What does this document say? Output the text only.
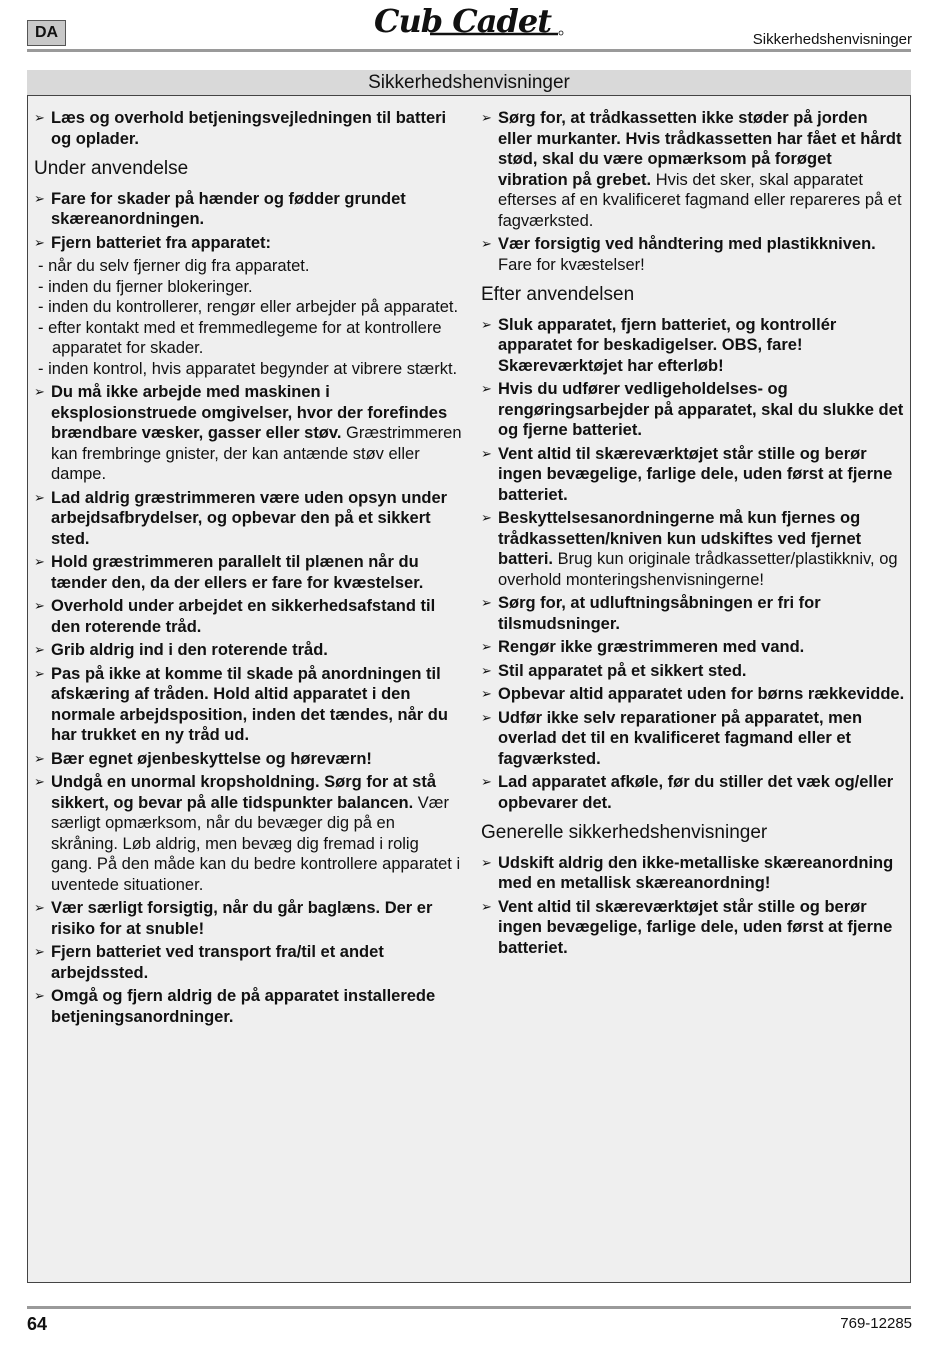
DA	Cub Cadet	Sikkerhedshenvisninger
Sikkerhedshenvisninger
➢ Læs og overhold betjeningsvejledningen til batteri og oplader.
Under anvendelse
➢ Fare for skader på hænder og fødder grundet skæreanordningen.
➢ Fjern batteriet fra apparatet:
- når du selv fjerner dig fra apparatet.
- inden du fjerner blokeringer.
- inden du kontrollerer, rengør eller arbejder på apparatet.
- efter kontakt med et fremmedlegeme for at kontrollere apparatet for skader.
- inden kontrol, hvis apparatet begynder at vibrere stærkt.
➢ Du må ikke arbejde med maskinen i eksplosionstruede omgivelser, hvor der forefindes brændbare væsker, gasser eller støv. Græstrimmeren kan frembringe gnister, der kan antænde støv eller dampe.
➢ Lad aldrig græstrimmeren være uden opsyn under arbejdsafbrydelser, og opbevar den på et sikkert sted.
➢ Hold græstrimmeren parallelt til plænen når du tænder den, da der ellers er fare for kvæstelser.
➢ Overhold under arbejdet en sikkerhedsafstand til den roterende tråd.
➢ Grib aldrig ind i den roterende tråd.
➢ Pas på ikke at komme til skade på anordningen til afskæring af tråden. Hold altid apparatet i den normale arbejdsposition, inden det tændes, når du har trukket en ny tråd ud.
➢ Bær egnet øjenbeskyttelse og høreværn!
➢ Undgå en unormal kropsholdning. Sørg for at stå sikkert, og bevar på alle tidspunkter balancen. Vær særligt opmærksom, når du bevæger dig på en skråning. Løb aldrig, men bevæg dig fremad i rolig gang. På den måde kan du bedre kontrollere apparatet i uventede situationer.
➢ Vær særligt forsigtig, når du går baglæns. Der er risiko for at snuble!
➢ Fjern batteriet ved transport fra/til et andet arbejdssted.
➢ Omgå og fjern aldrig de på apparatet installerede betjeningsanordninger.
➢ Sørg for, at trådkassetten ikke støder på jorden eller murkanter. Hvis trådkassetten har fået et hårdt stød, skal du være opmærksom på forøget vibration på grebet. Hvis det sker, skal apparatet efterses af en kvalificeret fagmand eller repareres på et fagværksted.
➢ Vær forsigtig ved håndtering med plastikkniven. Fare for kvæstelser!
Efter anvendelsen
➢ Sluk apparatet, fjern batteriet, og kontrollér apparatet for beskadigelser. OBS, fare! Skæreværktøjet har efterløb!
➢ Hvis du udfører vedligeholdelses- og rengøringsarbejder på apparatet, skal du slukke det og fjerne batteriet.
➢ Vent altid til skæreværktøjet står stille og berør ingen bevægelige, farlige dele, uden først at fjerne batteriet.
➢ Beskyttelsesanordningerne må kun fjernes og trådkassetten/kniven kun udskiftes ved fjernet batteri. Brug kun originale trådkassetter/plastikkniv, og overhold monteringshenvisningerne!
➢ Sørg for, at udluftningsåbningen er fri for tilsmudsninger.
➢ Rengør ikke græstrimmeren med vand.
➢ Stil apparatet på et sikkert sted.
➢ Opbevar altid apparatet uden for børns rækkevidde.
➢ Udfør ikke selv reparationer på apparatet, men overlad det til en kvalificeret fagmand eller et fagværksted.
➢ Lad apparatet afkøle, før du stiller det væk og/eller opbevarer det.
Generelle sikkerhedshenvisninger
➢ Udskift aldrig den ikke-metalliske skæreanordning med en metallisk skæreanordning!
➢ Vent altid til skæreværktøjet står stille og berør ingen bevægelige, farlige dele, uden først at fjerne batteriet.
64	769-12285
